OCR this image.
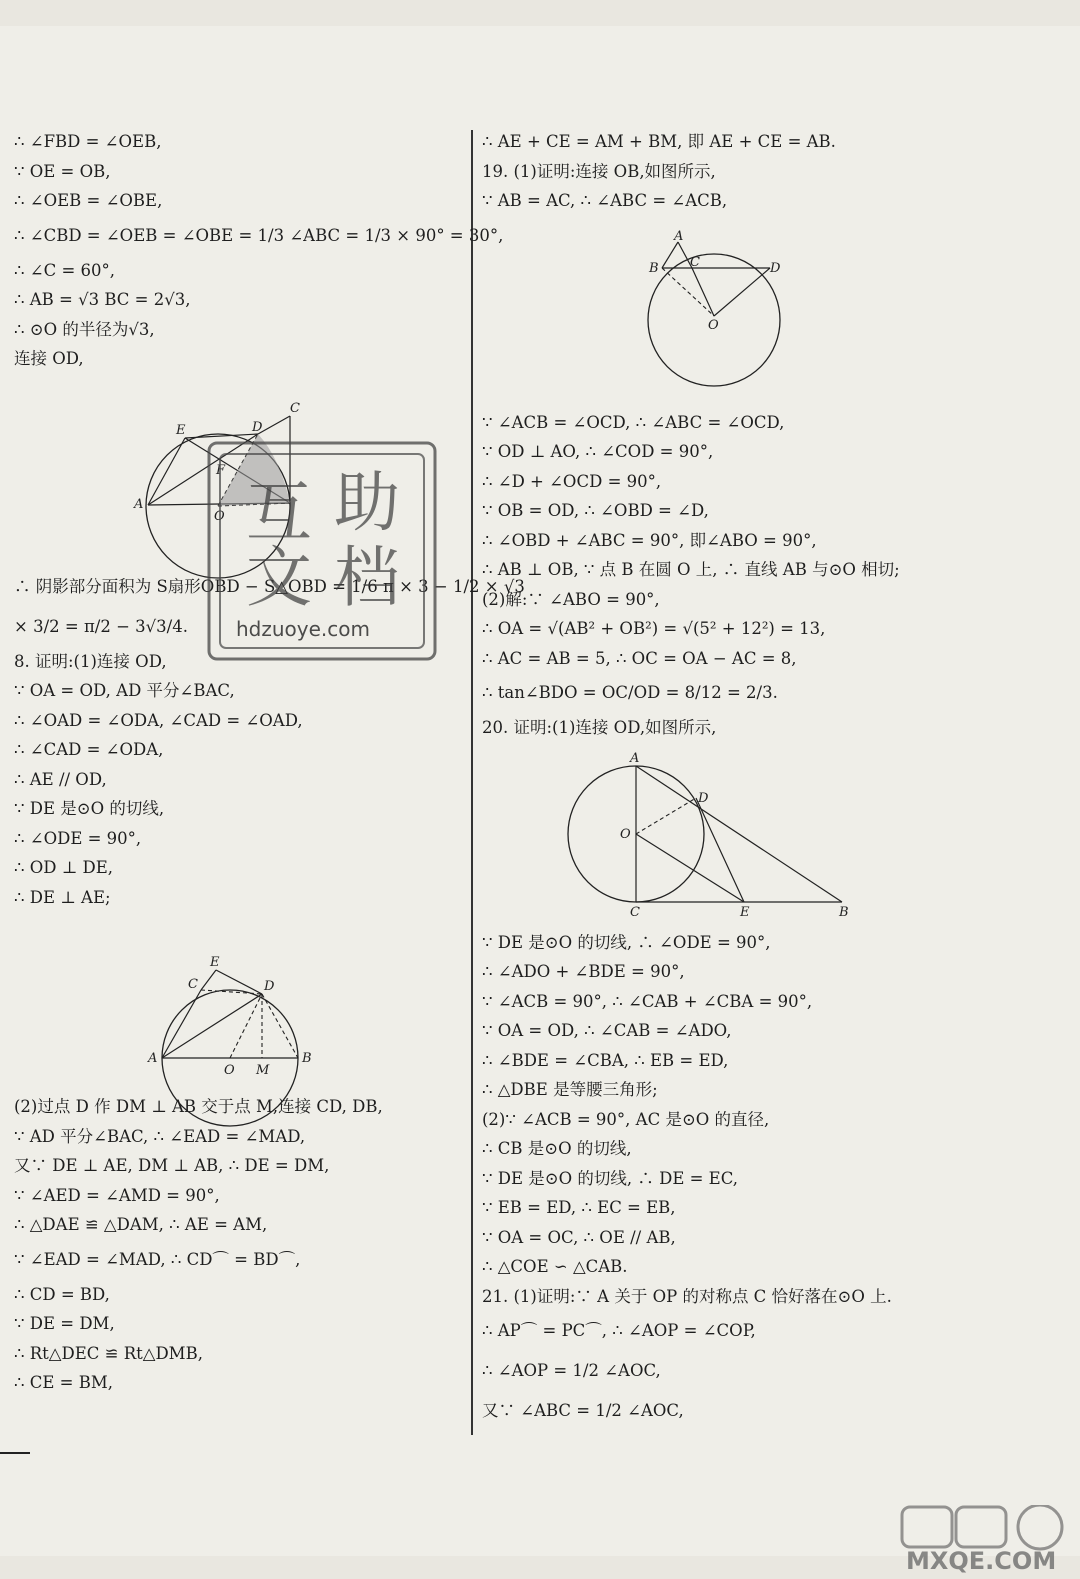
∴ ∠FBD = ∠OEB,
∵ OE = OB,
∴ ∠OEB = ∠OBE,
∴ ∠CBD = ∠OEB = ∠OBE = 1/3 ∠ABC = 1/3 × 90° = 30°,
∴ ∠C = 60°,
∴ AB = √3 BC = 2√3,
∴ ⊙O 的半径为√3,
连接 OD,
∴ 阴影部分面积为 S扇形OBD − S△OBD = 1/6 π × 3 − 1/2 × √3
× 3/2 = π/2 − 3√3/4.
8. 证明:(1)连接 OD,
∵ OA = OD, AD 平分∠BAC,
∴ ∠OAD = ∠ODA, ∠CAD = ∠OAD,
∴ ∠CAD = ∠ODA,
∴ AE // OD,
∵ DE 是⊙O 的切线,
∴ ∠ODE = 90°,
∴ OD ⊥ DE,
∴ DE ⊥ AE;
(2)过点 D 作 DM ⊥ AB 交于点 M,连接 CD, DB,
∵ AD 平分∠BAC, ∴ ∠EAD = ∠MAD,
又∵ DE ⊥ AE, DM ⊥ AB, ∴ DE = DM,
∵ ∠AED = ∠AMD = 90°,
∴ △DAE ≌ △DAM, ∴ AE = AM,
∵ ∠EAD = ∠MAD, ∴ CD⌒ = BD⌒,
∴ CD = BD,
∵ DE = DM,
∴ Rt△DEC ≌ Rt△DMB,
∴ CE = BM,
∴ AE + CE = AM + BM, 即 AE + CE = AB.
19. (1)证明:连接 OB,如图所示,
∵ AB = AC, ∴ ∠ABC = ∠ACB,
∵ ∠ACB = ∠OCD, ∴ ∠ABC = ∠OCD,
∵ OD ⊥ AO, ∴ ∠COD = 90°,
∴ ∠D + ∠OCD = 90°,
∵ OB = OD, ∴ ∠OBD = ∠D,
∴ ∠OBD + ∠ABC = 90°, 即∠ABO = 90°,
∴ AB ⊥ OB, ∵ 点 B 在圆 O 上, ∴ 直线 AB 与⊙O 相切;
(2)解:∵ ∠ABO = 90°,
∴ OA = √(AB² + OB²) = √(5² + 12²) = 13,
∴ AC = AB = 5, ∴ OC = OA − AC = 8,
∴ tan∠BDO = OC/OD = 8/12 = 2/3.
20. 证明:(1)连接 OD,如图所示,
∵ DE 是⊙O 的切线, ∴ ∠ODE = 90°,
∴ ∠ADO + ∠BDE = 90°,
∵ ∠ACB = 90°, ∴ ∠CAB + ∠CBA = 90°,
∵ OA = OD, ∴ ∠CAB = ∠ADO,
∴ ∠BDE = ∠CBA, ∴ EB = ED,
∴ △DBE 是等腰三角形;
(2)∵ ∠ACB = 90°, AC 是⊙O 的直径,
∴ CB 是⊙O 的切线,
∵ DE 是⊙O 的切线, ∴ DE = EC,
∵ EB = ED, ∴ EC = EB,
∵ OA = OC, ∴ OE // AB,
∴ △COE ∽ △CAB.
21. (1)证明:∵ A 关于 OP 的对称点 C 恰好落在⊙O 上.
∴ AP⌒ = PC⌒, ∴ ∠AOP = ∠COP,
∴ ∠AOP = 1/2 ∠AOC,
又∵ ∠ABC = 1/2 ∠AOC,
A
C
D
E
F
O
A	B
C	D
E
O M
A
B C	D
O
A
B
C
D
E
O
互 助
文 档
hdzuoye.com
MXQE.COM
